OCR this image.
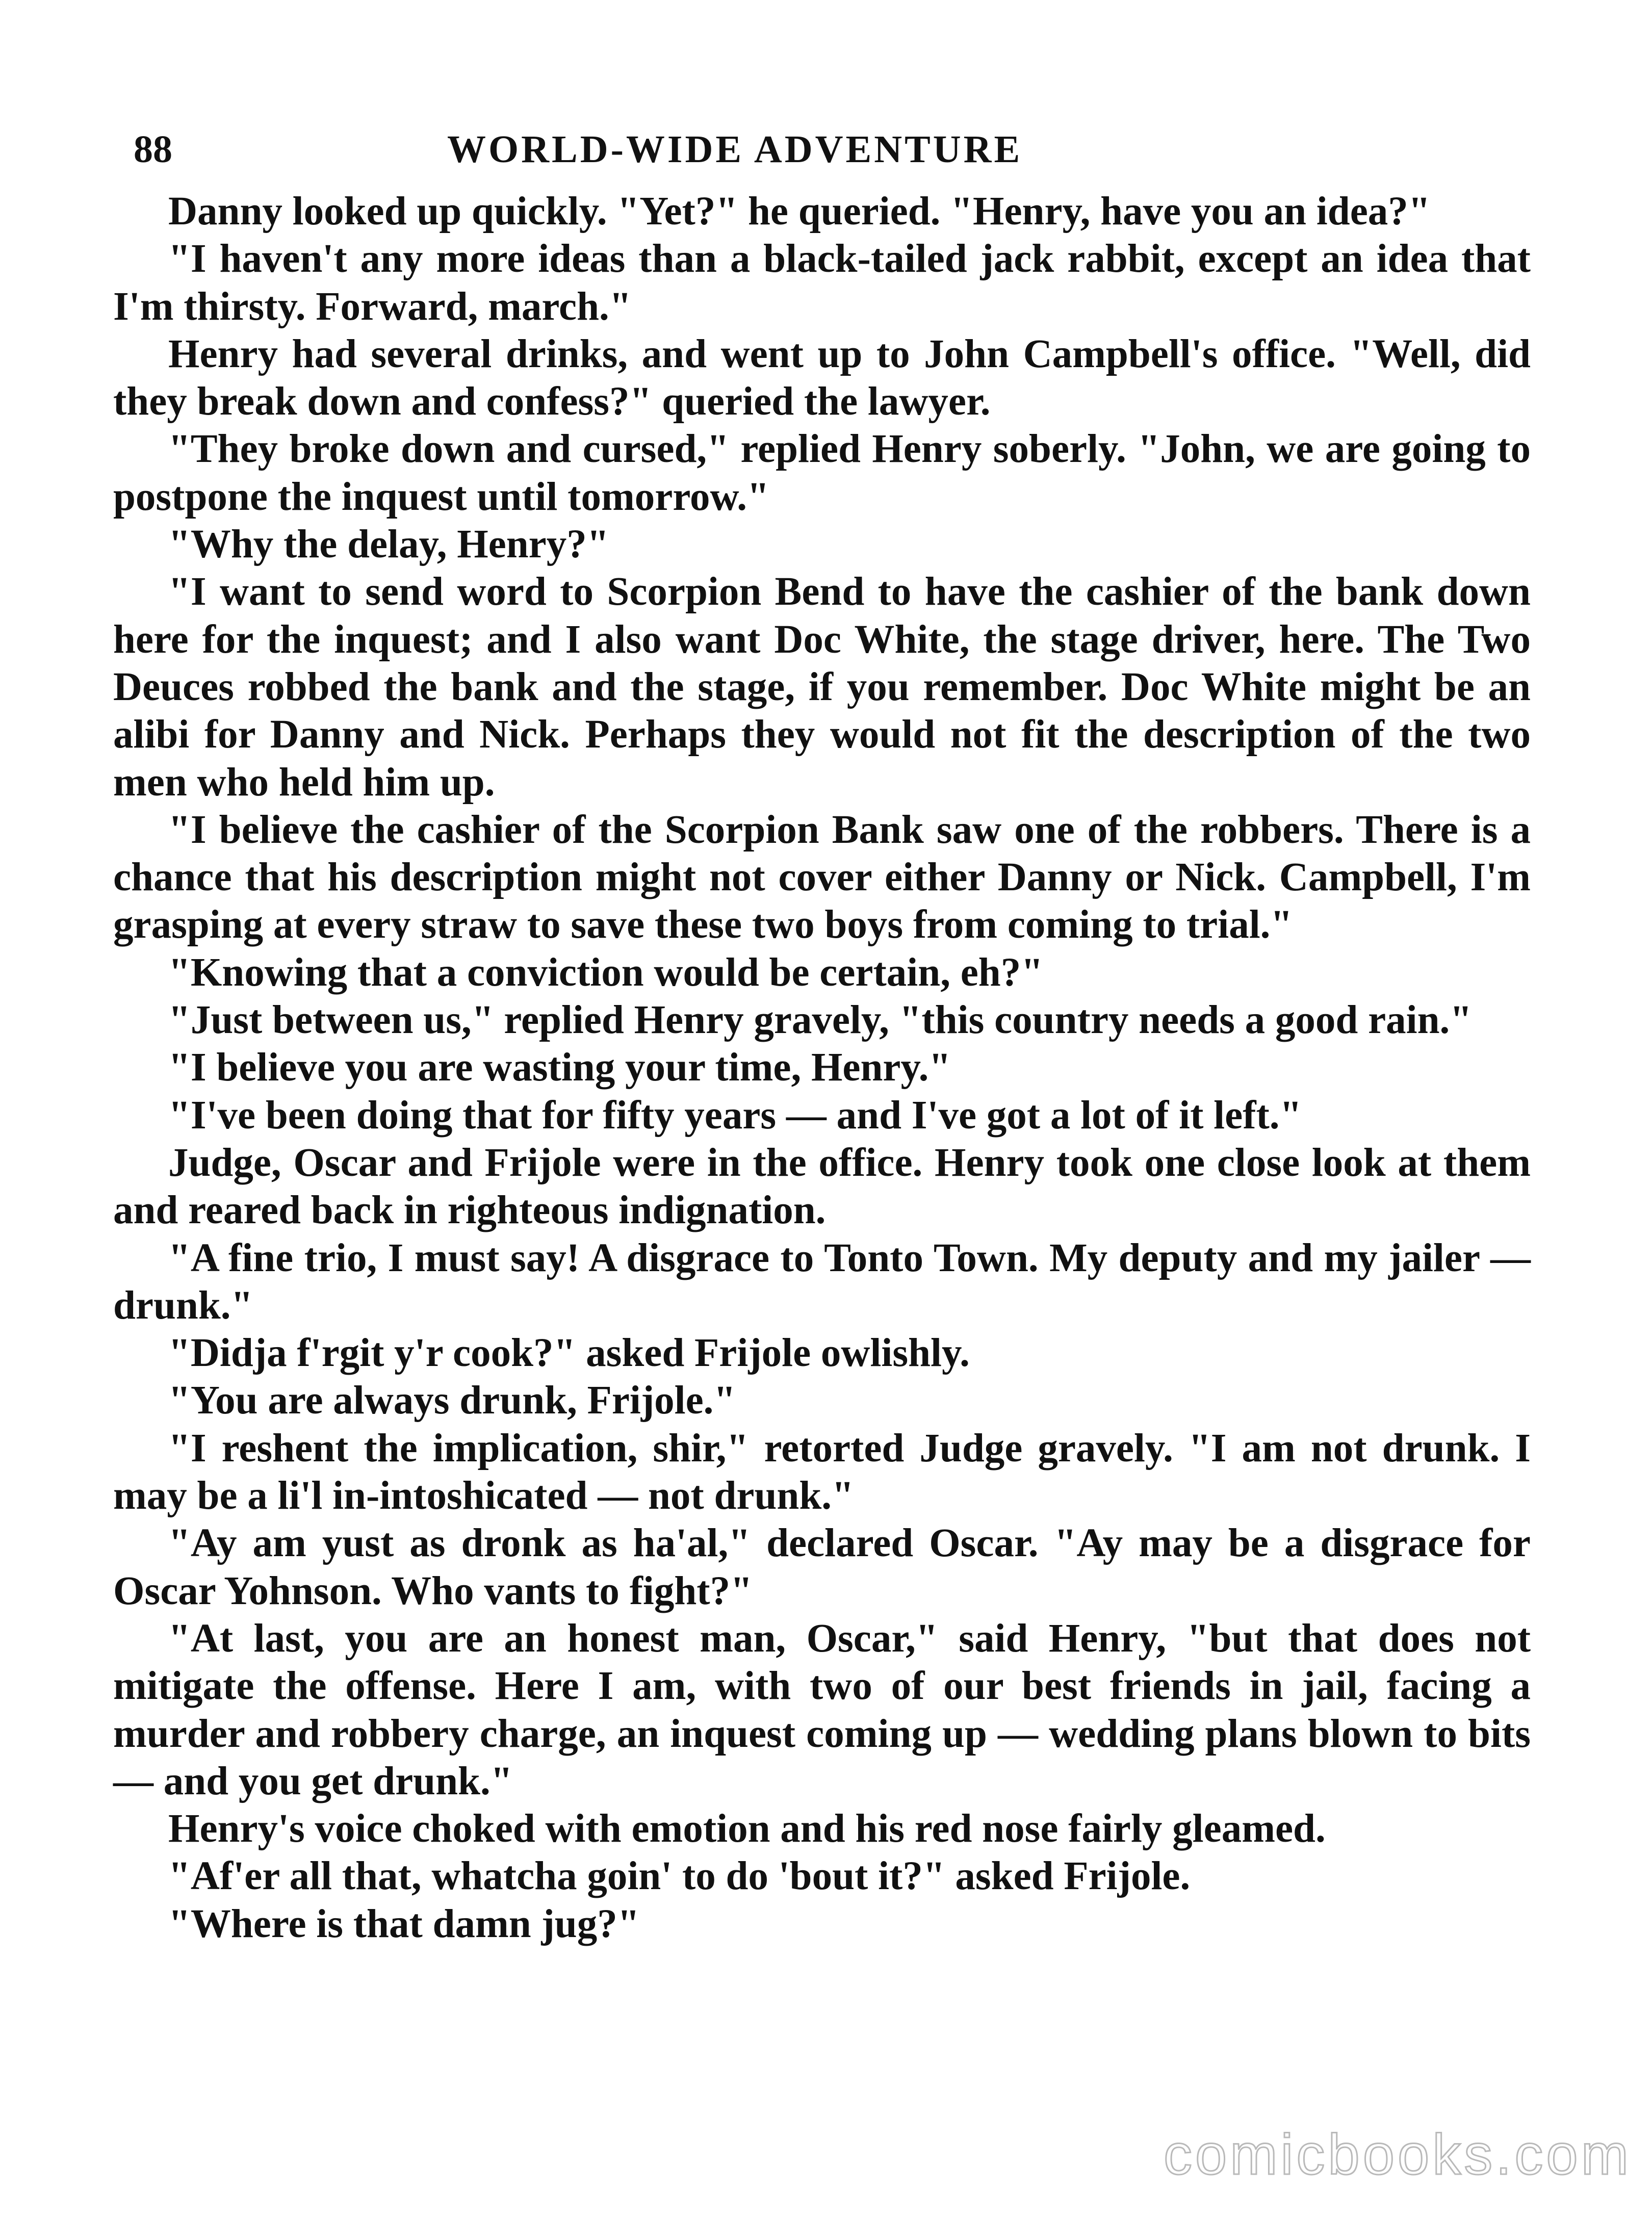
88	WORLD-WIDE ADVENTURE

Danny looked up quickly. "Yet?" he queried. "Henry, have you an idea?"

"I haven't any more ideas than a black-tailed jack rabbit, except an idea that I'm thirsty. Forward, march."

Henry had several drinks, and went up to John Campbell's office. "Well, did they break down and confess?" queried the lawyer.

"They broke down and cursed," replied Henry soberly. "John, we are going to postpone the inquest until tomorrow."

"Why the delay, Henry?"

"I want to send word to Scorpion Bend to have the cashier of the bank down here for the inquest; and I also want Doc White, the stage driver, here. The Two Deuces robbed the bank and the stage, if you remember. Doc White might be an alibi for Danny and Nick. Perhaps they would not fit the description of the two men who held him up.

"I believe the cashier of the Scorpion Bank saw one of the robbers. There is a chance that his description might not cover either Danny or Nick. Campbell, I'm grasping at every straw to save these two boys from coming to trial."

"Knowing that a conviction would be certain, eh?"

"Just between us," replied Henry gravely, "this country needs a good rain."

"I believe you are wasting your time, Henry."

"I've been doing that for fifty years — and I've got a lot of it left."

Judge, Oscar and Frijole were in the office. Henry took one close look at them and reared back in righteous indignation.

"A fine trio, I must say! A disgrace to Tonto Town. My deputy and my jailer — drunk."

"Didja f'rgit y'r cook?" asked Frijole owlishly.

"You are always drunk, Frijole."

"I reshent the implication, shir," retorted Judge gravely. "I am not drunk. I may be a li'l in-intoshicated — not drunk."

"Ay am yust as dronk as ha'al," declared Oscar. "Ay may be a disgrace for Oscar Yohnson. Who vants to fight?"

"At last, you are an honest man, Oscar," said Henry, "but that does not mitigate the offense. Here I am, with two of our best friends in jail, facing a murder and robbery charge, an inquest coming up — wedding plans blown to bits — and you get drunk."

Henry's voice choked with emotion and his red nose fairly gleamed.

"Af'er all that, whatcha goin' to do 'bout it?" asked Frijole.

"Where is that damn jug?"

comicbooks.com
